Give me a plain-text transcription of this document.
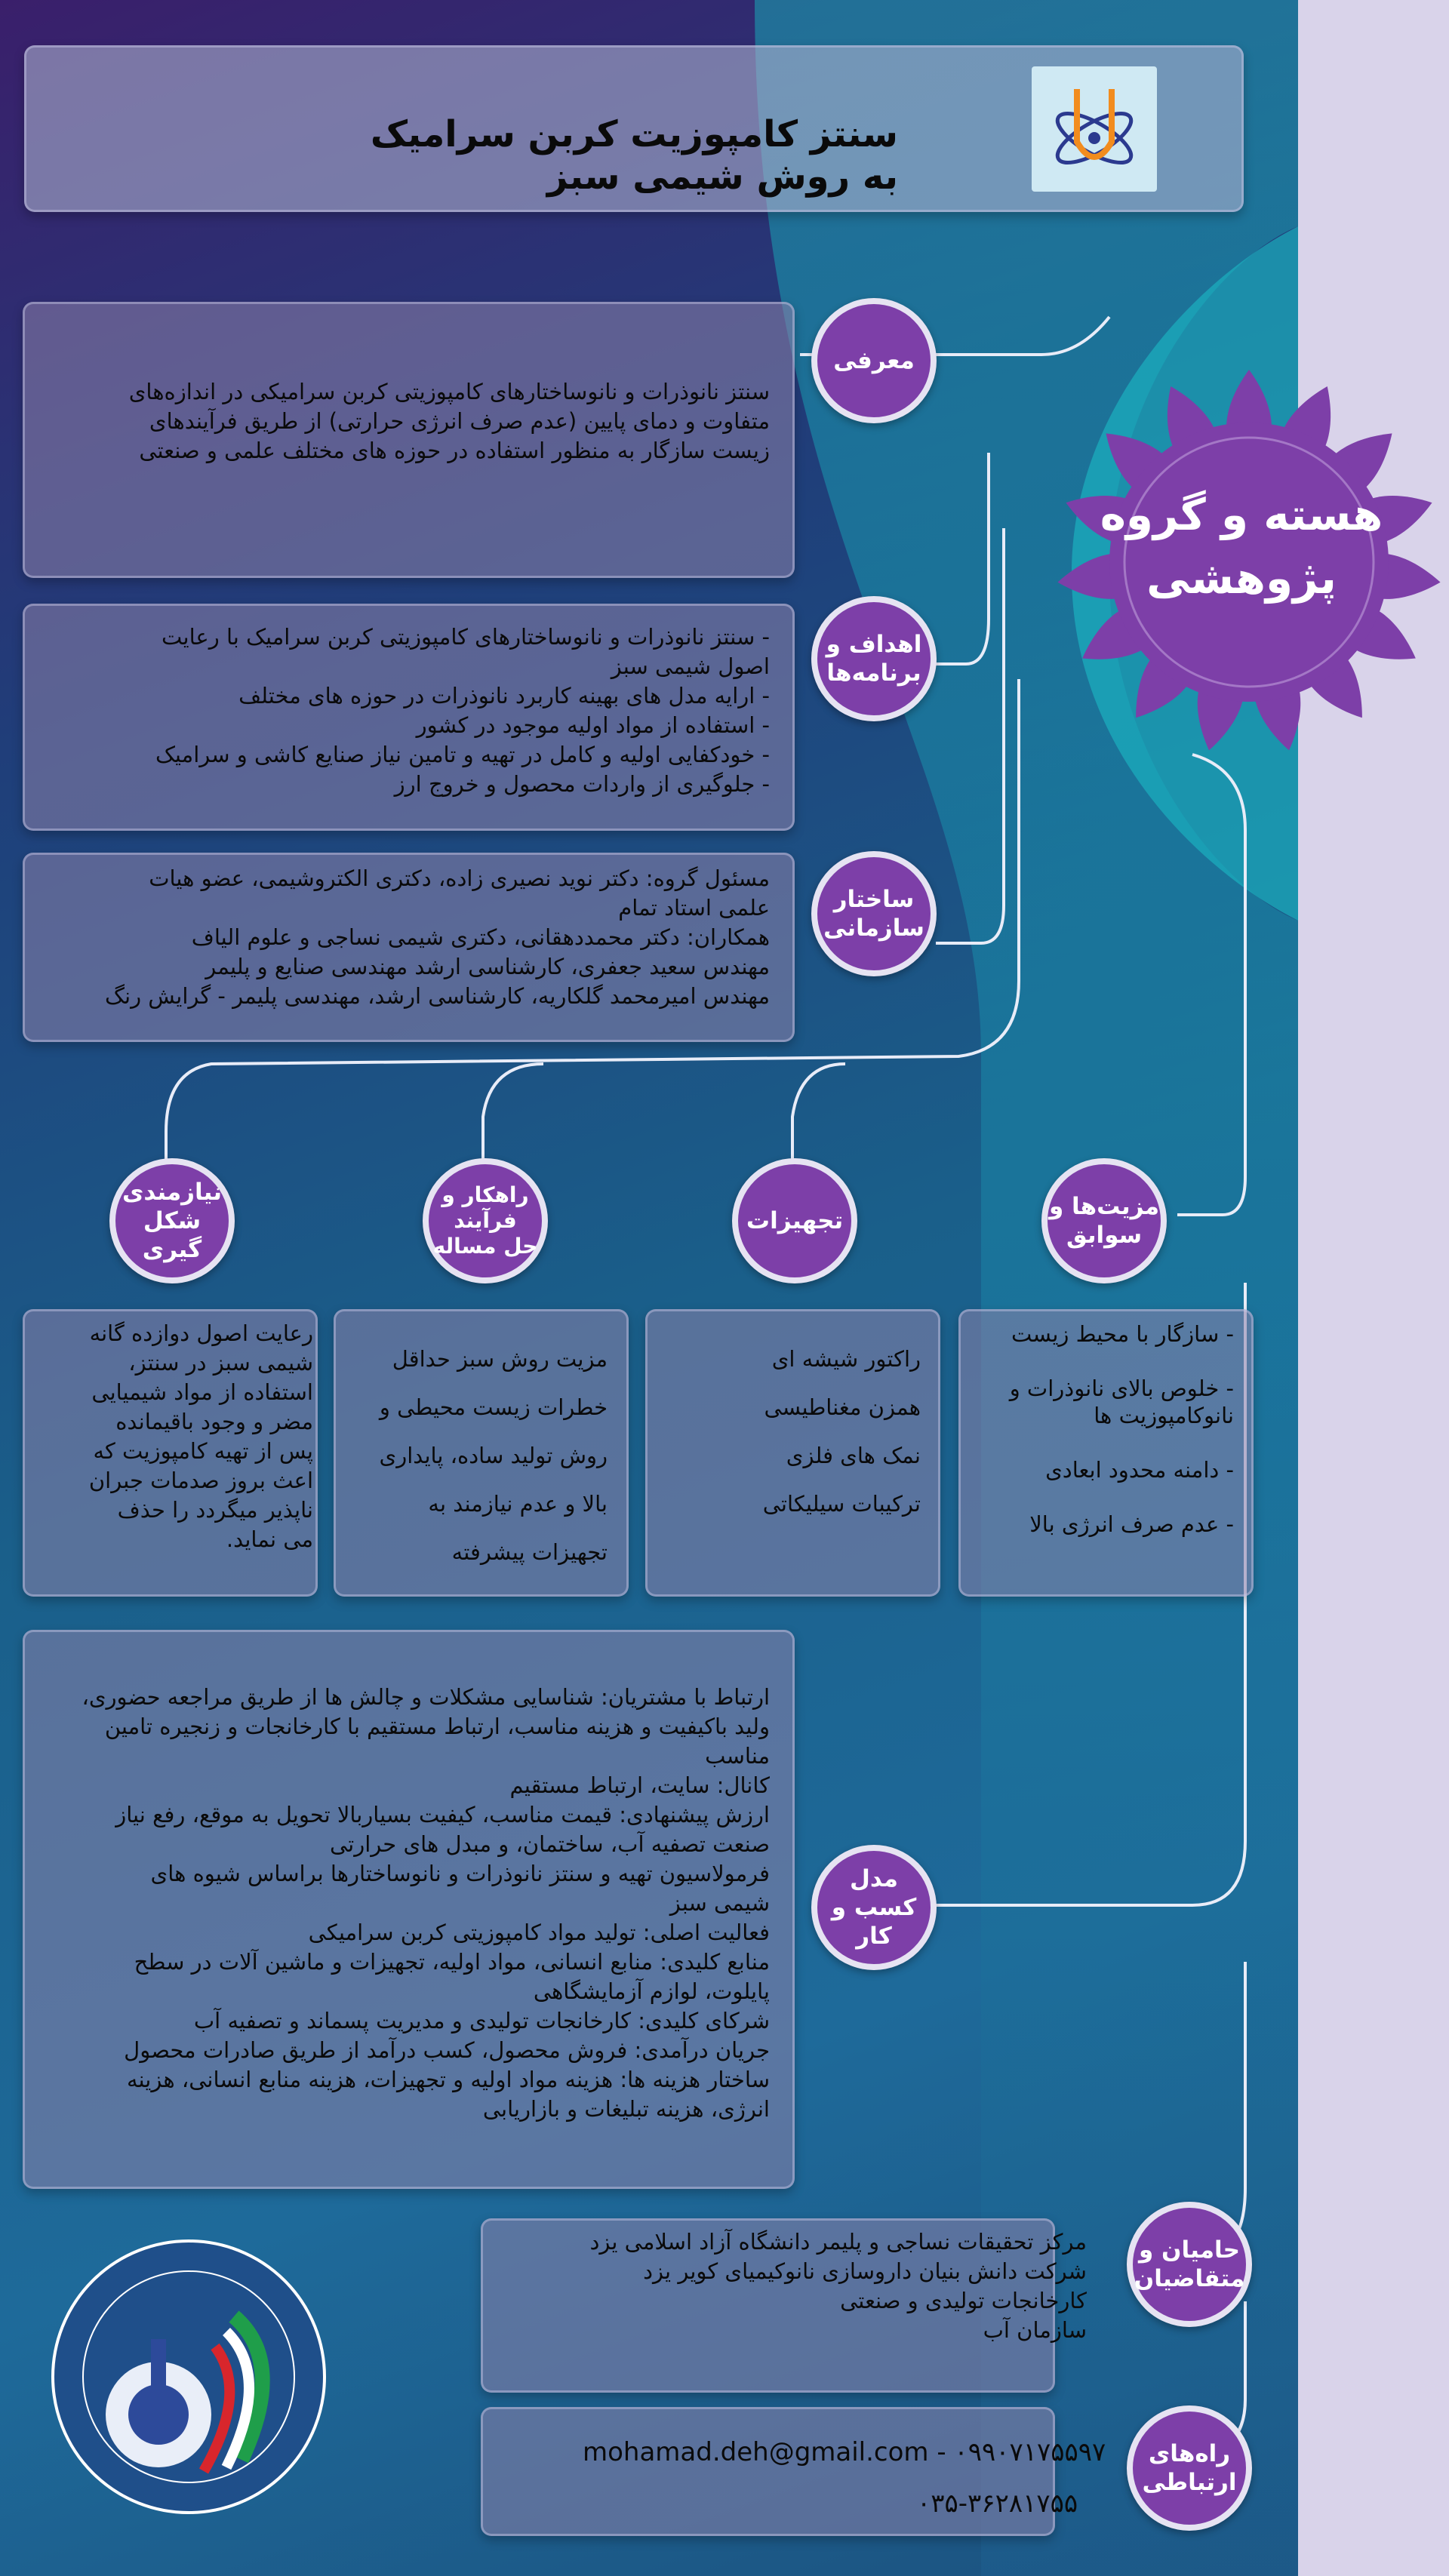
سنتز کامپوزیت کربن سرامیک به روش شیمی سبز
هسته و گروه
پژوهشی
سنتز نانوذرات و نانوساختارهای کامپوزیتی کربن سرامیکی در اندازه‌های
متفاوت و دمای پایین (عدم صرف انرژی حرارتی) از طریق فرآیندهای
زیست سازگار به منظور استفاده در حوزه های مختلف علمی و صنعتی
معرفی
- سنتز نانوذرات و نانوساختارهای کامپوزیتی کربن سرامیک با رعایت
اصول شیمی سبز
- ارایه مدل های بهینه کاربرد نانوذرات در حوزه های مختلف
- استفاده از مواد اولیه موجود در کشور
- خودکفایی اولیه و کامل در تهیه و تامین نیاز صنایع کاشی و سرامیک
- جلوگیری از واردات محصول و خروج ارز
اهداف و
برنامه‌ها
مسئول گروه: دکتر نوید نصیری زاده، دکتری الکتروشیمی، عضو هیات
علمی استاد تمام
همکاران: دکتر محمددهقانی، دکتری شیمی نساجی و علوم الیاف
مهندس سعید جعفری، کارشناسی ارشد مهندسی صنایع و پلیمر
مهندس امیرمحمد گلکاریه، کارشناسی ارشد، مهندسی پلیمر - گرایش رنگ
ساختار
سازمانی
نیازمندی
شکل گیری
راهکار و
فرآیند
حل مساله
تجهیزات
مزیت‌ها و
سوابق
رعایت اصول دوازده گانه
شیمی سبز در سنتز،
استفاده از مواد شیمیایی
مضر و وجود باقیمانده
پس از تهیه کامپوزیت که
اعث بروز صدمات جبران
ناپذیر میگردد را حذف
می نماید.
مزیت روش سبز حداقل

خطرات زیست محیطی و

روش تولید ساده، پایداری

بالا و عدم نیازمند به

تجهیزات پیشرفته
راکتور شیشه ای

همزن مغناطیسی

نمک های فلزی

ترکیبات سیلیکاتی
- سازگار با محیط زیست

- خلوص بالای نانوذرات و
نانوکامپوزیت ها

- دامنه محدود ابعادی

- عدم صرف انرژی بالا
ارتباط با مشتریان: شناسایی مشکلات و چالش ها از طریق مراجعه حضوری،
ولید باکیفیت و هزینه مناسب، ارتباط مستقیم با کارخانجات و زنجیره تامین
مناسب
کانال: سایت، ارتباط مستقیم
ارزش پیشنهادی: قیمت مناسب، کیفیت بسیاربالا تحویل به موقع، رفع نیاز
صنعت تصفیه آب، ساختمان، و مبدل های حرارتی
فرمولاسیون تهیه و سنتز نانوذرات و نانوساختارها براساس شیوه های
شیمی سبز
فعالیت اصلی: تولید مواد کامپوزیتی کربن سرامیکی
منابع کلیدی: منابع انسانی، مواد اولیه، تجهیزات و ماشین آلات در سطح
پایلوت، لوازم آزمایشگاهی
شرکای کلیدی: کارخانجات تولیدی و مدیریت پسماند و تصفیه آب
جریان درآمدی: فروش محصول، کسب درآمد از طریق صادرات محصول
ساختار هزینه ها: هزینه مواد اولیه و تجهیزات، هزینه منابع انسانی، هزینه
انرژی، هزینه تبلیغات و بازاریابی
مدل
کسب و کار
مرکز تحقیقات نساجی و پلیمر دانشگاه آزاد اسلامی یزد
شرکت دانش بنیان داروسازی نانوکیمیای کویر یزد
کارخانجات تولیدی و صنعتی
سازمان آب
حامیان و
متقاضیان
mohamad.deh@gmail.com - ۰۹۹۰۷۱۷۵۵۹۷
۰۳۵-۳۶۲۸۱۷۵۵
راه‌های
ارتباطی
